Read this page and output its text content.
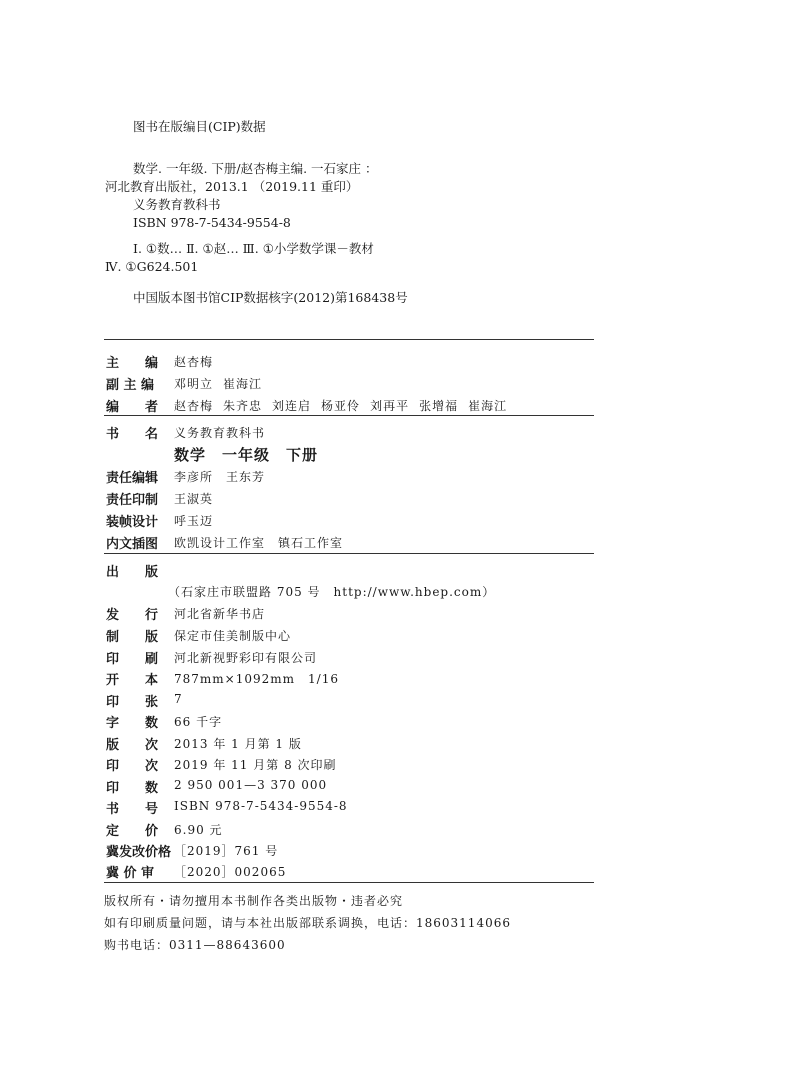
图书在版编目(CIP)数据
数学. 一年级. 下册/赵杏梅主编. 一石家庄 ：
河北教育出版社，2013.1 （2019.11 重印）
义务教育教科书
ISBN 978-7-5434-9554-8
Ⅰ. ①数… Ⅱ. ①赵… Ⅲ. ①小学数学课－教材
Ⅳ. ①G624.501
中国版本图书馆CIP数据核字(2012)第168438号
主　　编 赵杏梅
副 主 编 邓明立 崔海江
编　　者 赵杏梅 朱齐忠 刘连启 杨亚伶 刘再平 张增福 崔海江
书　　名 义务教育教科书
数学　一年级　下册
责任编辑 李彦所　王东芳
责任印制 王淑英
装帧设计 呼玉迈
内文插图 欧凯设计工作室　镇石工作室
出　　版
（石家庄市联盟路 705 号　http://www.hbep.com）
发　　行 河北省新华书店
制　　版 保定市佳美制版中心
印　　刷 河北新视野彩印有限公司
开　　本 787mm×1092mm　1/16
印　　张 7
字　　数 66 千字
版　　次 2013 年 1 月第 1 版
印　　次 2019 年 11 月第 8 次印刷
印　　数 2 950 001—3 370 000
书　　号 ISBN 978-7-5434-9554-8
定　　价 6.90 元
冀发改价格 ［2019］761 号
冀 价 审 ［2020］002065
版权所有・请勿擅用本书制作各类出版物・违者必究
如有印刷质量问题，请与本社出版部联系调换，电话：18603114066
购书电话：0311—88643600
